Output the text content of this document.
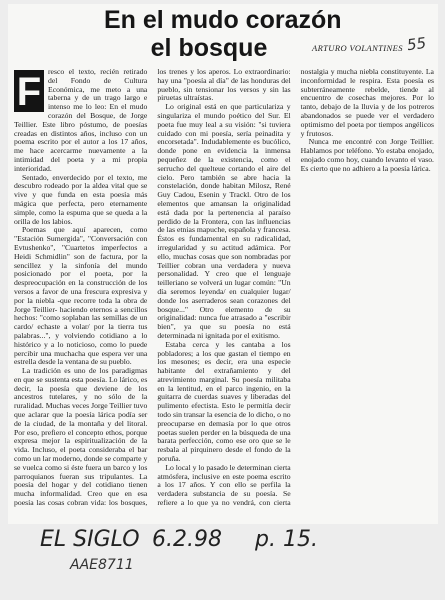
En el mudo corazón
el bosque	ARTURO VOLANTINES 55

F resco el texto, recién retirado del Fondo de Cultura Económica, me meto a una taberna y de un trago largo e intenso me lo leo: En el mudo corazón del Bosque, de Jorge Teillier. Este libro póstumo, de poesías creadas en distintos años, incluso con un poema escrito por el autor a los 17 años, me hace acercarme nuevamente a la intimidad del poeta y a mi propia interioridad.

Sentado, enverdecido por el texto, me descubro rodeado por la aldea vital que se vive y que funda en esta poesía más mágica que perfecta, pero eternamente simple, como la espuma que se queda a la orilla de los labios.

Poemas que aquí aparecen, como "Estación Sumergida", "Conversación con Evtushenko", "Cuartetos imperfectos a Heidi Schmidlin" son de factura, por la sencillez y la sinfonía del mundo posicionado por el poeta, por la despreocupación en la construcción de los versos a favor de una frescura expresiva y por la niebla -que recorre toda la obra de Jorge Teillier- haciendo eternos a sencillos hechos: "como soplaban las semillas de un cardo/ echaste a volar/ por la tierra tus palabras...", y volviendo cotidiano a lo histórico y a lo noticioso, como lo puede percibir una muchacha que espera ver una estrella desde la ventana de su pueblo.

La tradición es uno de los paradigmas en que se sustenta esta poesía. Lo lárico, es decir, la poesía que deviene de los ancestros tutelares, y no sólo de la ruralidad. Muchas veces Jorge Teillier tuvo que aclarar que la poesía lárica podía ser de la ciudad, de la montaña y del litoral. Por eso, prefiero el concepto ethos, porque expresa mejor la espiritualización de la vida. Incluso, el poeta consideraba el bar como un lar moderno, donde se comparte y se vuelca como si éste fuera un barco y los parroquianos fueran sus tripulantes. La poesía del hogar y del cotidiano tienen mucha informalidad. Creo que en esa poesía las cosas cobran vida: los bosques, los trenes y los aperos. Lo extraordinario: hay una "poesía al día" de las honduras del pueblo, sin tensionar los versos y sin las piruetas ultraístas.

Lo original está en que particulariza y singulariza el mundo poético del Sur. El poeta fue muy leal a su visión: "si tuviera cuidado con mi poesía, sería peinadita y encorsetada". Indudablemente es bucólico, donde pone en evidencia la inmensa pequeñez de la existencia, como el serrucho del quelteue cortando el aire del cielo. Pero también se abre hacia la constelación, donde habitan Milosz, René Guy Cadou, Esenin y Trackl. Otro de los elementos que amansan la originalidad está dada por la pertenencia al paraíso perdido de la Frontera, con las influencias de las etnias mapuche, española y francesa. Éstos es fundamental en su radicalidad, irregularidad y su actitud adámica. Por ello, muchas cosas que son nombradas por Teillier cobran una verdadera y nueva personalidad. Y creo que el lenguaje teilleriano se volverá un lugar común: "Un día seremos leyenda/ en cualquier lugar/ donde los aserraderos sean corazones del bosque..." Otro elemento de su originalidad: nunca fue atrasado a "escribir bien", ya que su poesía no está determinada ni ignitada por el exitismo.

Estaba cerca y les cantaba a los pobladores; a los que gastan el tiempo en los mesones; es decir, era una especie habitante del extrañamiento y del atrevimiento marginal. Su poesía militaba en la lentitud, en el parco ingenio, en la guitarra de cuerdas suaves y liberadas del pulimento efectista. Esto le permitía decir todo sin transar la esencia de lo dicho, o no preocuparse en demasía por lo que otros poetas suelen perder en la búsqueda de una barata perfección, como ese oro que se le resbala al pirquinero desde el fondo de la poruña.

Lo local y lo pasado le determinan cierta atmósfera, inclusive en este poema escrito a los 17 años. Y con ello se perfila la verdadera substancia de su poesía. Se refiere a lo que ya no vendrá, con cierta nostalgia y mucha niebla constituyente. La inconformidad le respira. Esta poesía es subterráneamente rebelde, tiende al encuentro de cosechas mejores. Por lo tanto, debajo de la lluvia y de los potreros abandonados se puede ver el verdadero optimismo del poeta por tiempos angélicos y frutosos.

Nunca me encontré con Jorge Teillier. Hablamos por teléfono. Yo estaba enojado, enojado como hoy, cuando levanto el vaso. Es cierto que no adhiero a la poesía lárica.

EL SIGLO 6.2.98 p. 15.
AAE8711
